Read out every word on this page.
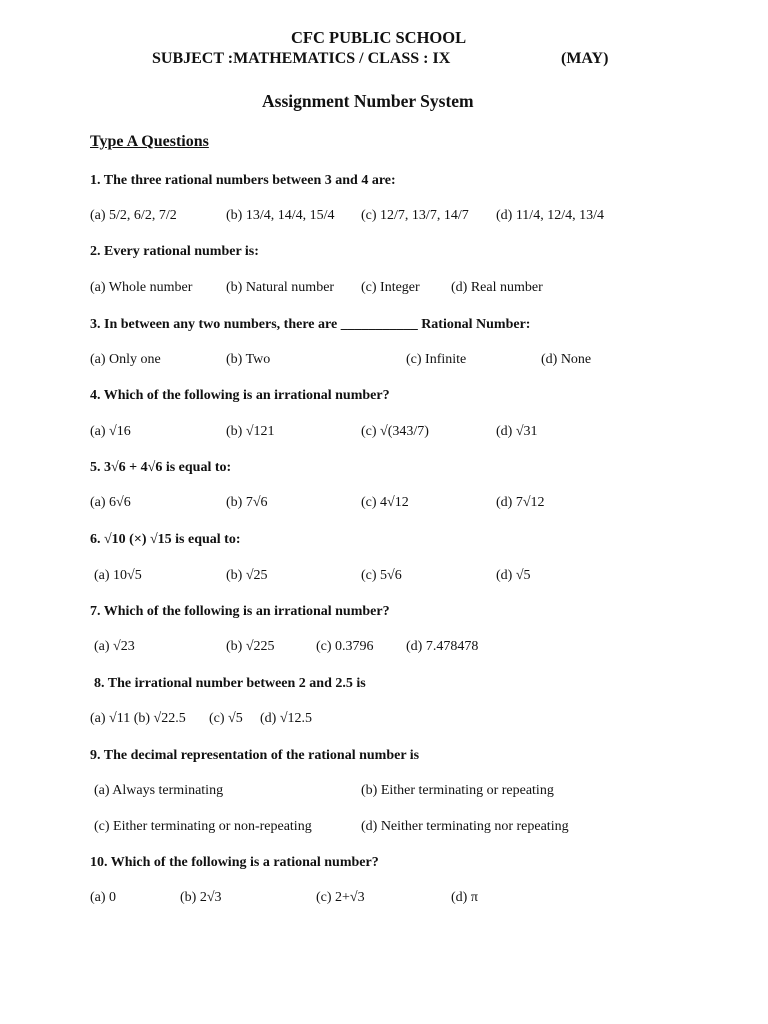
CFC PUBLIC SCHOOL
SUBJECT :MATHEMATICS / CLASS : IX	(MAY)
Assignment Number System
Type A Questions
1. The three rational numbers between 3 and 4 are:
(a) 5/2, 6/2, 7/2	(b) 13/4, 14/4, 15/4 (c) 12/7, 13/7, 14/7 (d) 11/4, 12/4, 13/4
2. Every rational number is:
(a) Whole number (b) Natural number (c) Integer (d) Real number
3. In between any two numbers, there are ___________ Rational Number:
(a) Only one	(b) Two	(c) Infinite	(d) None
4. Which of the following is an irrational number?
(a) √16	(b) √121	(c) √(343/7)	(d) √31
5. 3√6 + 4√6 is equal to:
(a) 6√6	(b) 7√6	(c) 4√12	(d) 7√12
6. √10 (×) √15 is equal to:
(a) 10√5	(b) √25	(c) 5√6	(d) √5
7. Which of the following is an irrational number?
(a) √23	(b) √225	(c) 0.3796 (d) 7.478478
8. The irrational number between 2 and 2.5 is
(a) √11 (b) √22.5 (c) √5 (d) √12.5
9. The decimal representation of the rational number is
(a) Always terminating	(b) Either terminating or repeating
(c) Either terminating or non-repeating	(d) Neither terminating nor repeating
10. Which of the following is a rational number?
(a) 0	(b) 2√3	(c) 2+√3	(d) π
